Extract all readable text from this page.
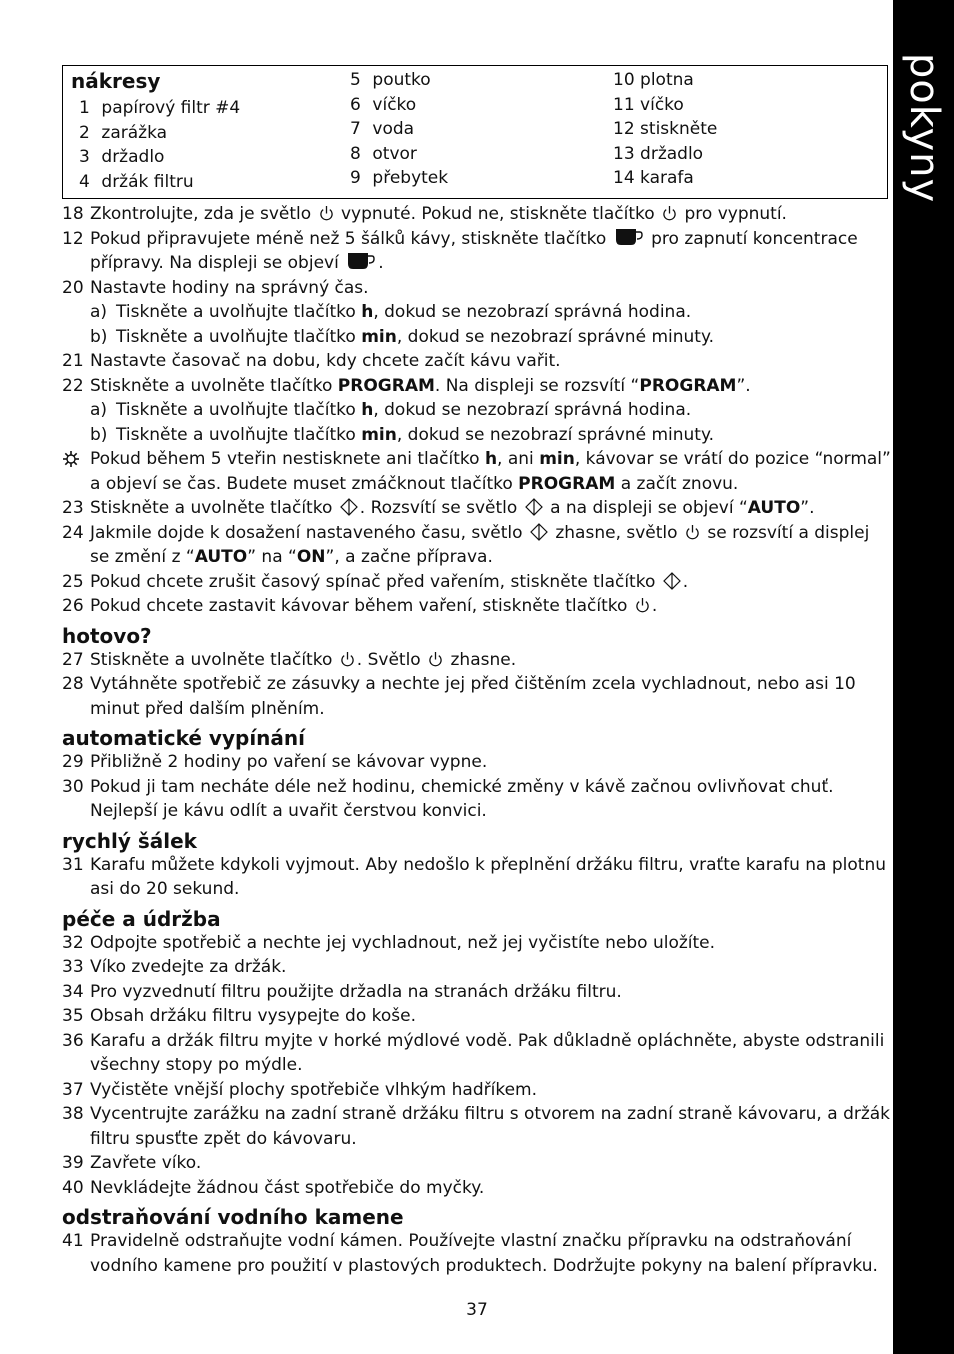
pokyny
nákresy
1 papírový filtr #4
2 zarážka
3 držadlo
4 držák filtru
5 poutko
6 víčko
7 voda
8 otvor
9 přebytek
10 plotna
11 víčko
12 stiskněte
13 držadlo
14 karafa
18 Zkontrolujte, zda je světlo  vypnuté. Pokud ne, stiskněte tlačítko  pro vypnutí.
12 Pokud připravujete méně než 5 šálků kávy, stiskněte tlačítko  pro zapnutí koncentrace přípravy. Na displeji se objeví .
20 Nastavte hodiny na správný čas.
a) Tiskněte a uvolňujte tlačítko h, dokud se nezobrazí správná hodina.
b) Tiskněte a uvolňujte tlačítko min, dokud se nezobrazí správné minuty.
21 Nastavte časovač na dobu, kdy chcete začít kávu vařit.
22 Stiskněte a uvolněte tlačítko PROGRAM. Na displeji se rozsvítí “PROGRAM”.
a) Tiskněte a uvolňujte tlačítko h, dokud se nezobrazí správná hodina.
b) Tiskněte a uvolňujte tlačítko min, dokud se nezobrazí správné minuty.
Pokud během 5 vteřin nestisknete ani tlačítko h, ani min, kávovar se vrátí do pozice “normal” a objeví se čas. Budete muset zmáčknout tlačítko PROGRAM a začít znovu.
23 Stiskněte a uvolněte tlačítko . Rozsvítí se světlo  a na displeji se objeví “AUTO”.
24 Jakmile dojde k dosažení nastaveného času, světlo  zhasne, světlo  se rozsvítí a displej se změní z “AUTO” na “ON”, a začne příprava.
25 Pokud chcete zrušit časový spínač před vařením, stiskněte tlačítko .
26 Pokud chcete zastavit kávovar během vaření, stiskněte tlačítko .
hotovo?
27 Stiskněte a uvolněte tlačítko . Světlo  zhasne.
28 Vytáhněte spotřebič ze zásuvky a nechte jej před čištěním zcela vychladnout, nebo asi 10 minut před dalším plněním.
automatické vypínání
29 Přibližně 2 hodiny po vaření se kávovar vypne.
30 Pokud ji tam necháte déle než hodinu, chemické změny v kávě začnou ovlivňovat chuť. Nejlepší je kávu odlít a uvařit čerstvou konvici.
rychlý šálek
31 Karafu můžete kdykoli vyjmout. Aby nedošlo k přeplnění držáku filtru, vraťte karafu na plotnu asi do 20 sekund.
péče a údržba
32 Odpojte spotřebič a nechte jej vychladnout, než jej vyčistíte nebo uložíte.
33 Víko zvedejte za držák.
34 Pro vyzvednutí filtru použijte držadla na stranách držáku filtru.
35 Obsah držáku filtru vysypejte do koše.
36 Karafu a držák filtru myjte v horké mýdlové vodě. Pak důkladně opláchněte, abyste odstranili všechny stopy po mýdle.
37 Vyčistěte vnější plochy spotřebiče vlhkým hadříkem.
38 Vycentrujte zarážku na zadní straně držáku filtru s otvorem na zadní straně kávovaru, a držák filtru spusťte zpět do kávovaru.
39 Zavřete víko.
40 Nevkládejte žádnou část spotřebiče do myčky.
odstraňování vodního kamene
41 Pravidelně odstraňujte vodní kámen. Používejte vlastní značku přípravku na odstraňování vodního kamene pro použití v plastových produktech. Dodržujte pokyny na balení přípravku.
37
